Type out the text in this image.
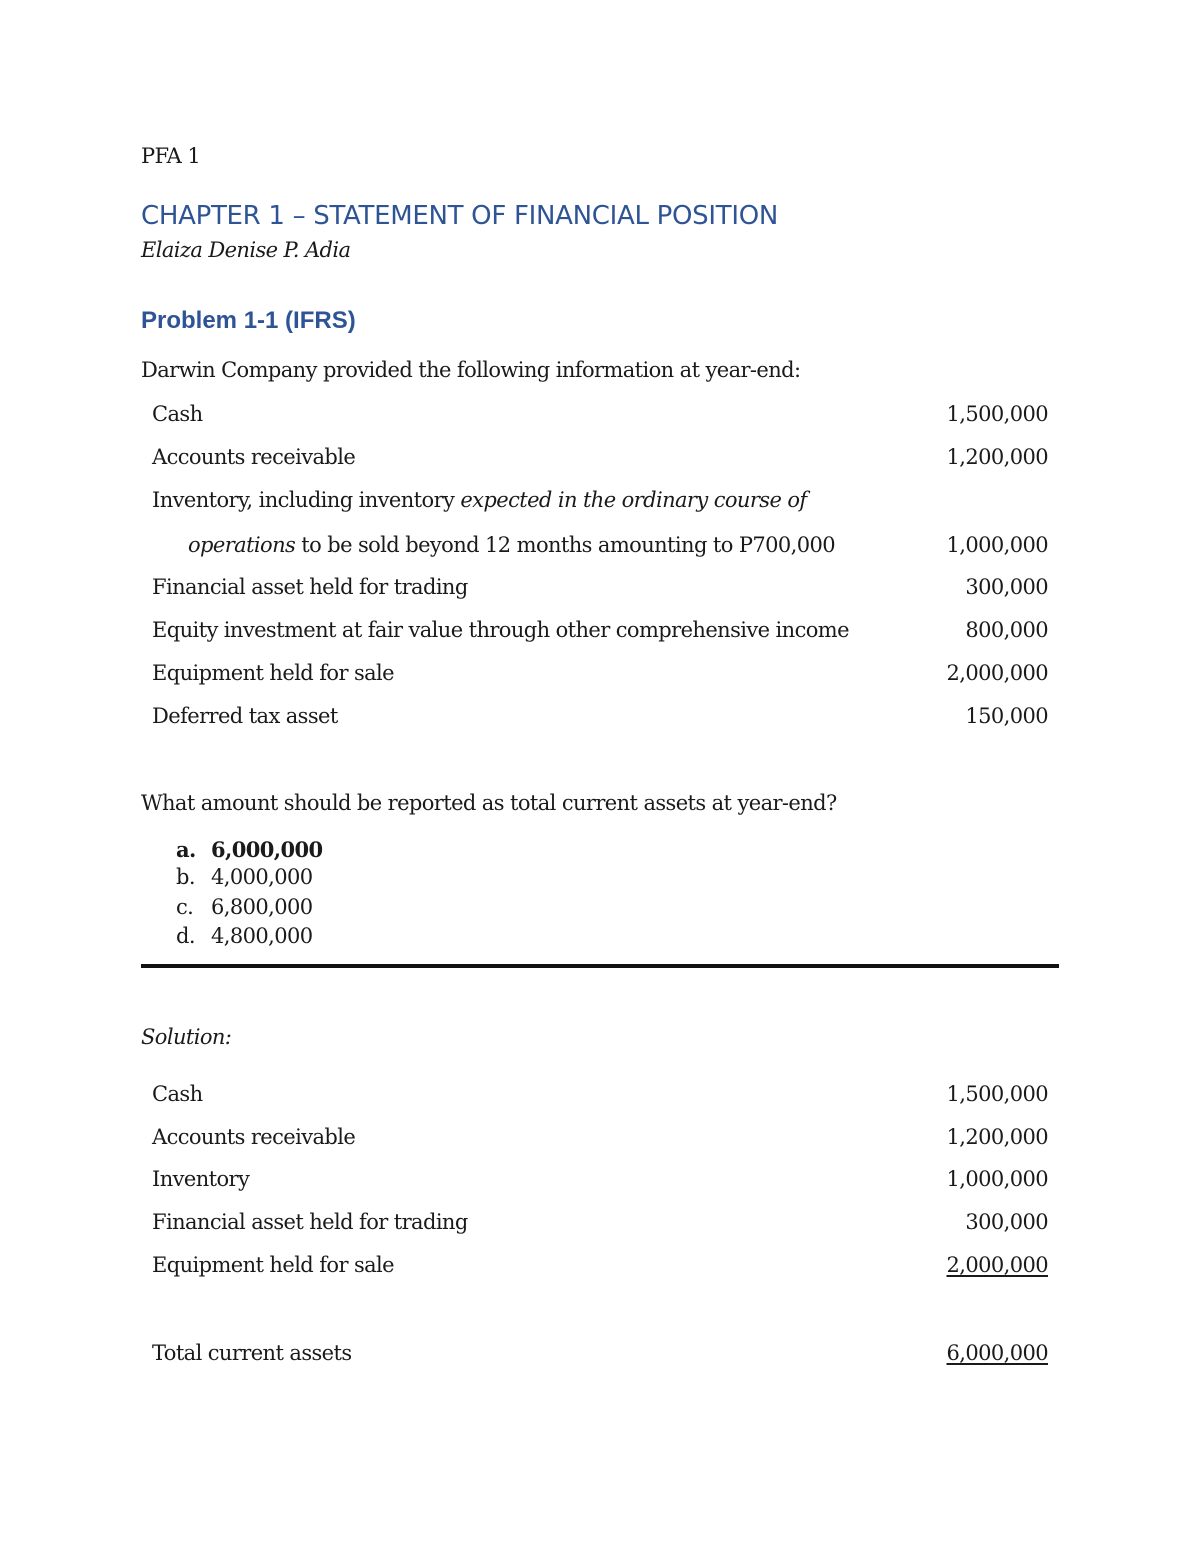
PFA 1
CHAPTER 1 – STATEMENT OF FINANCIAL POSITION
Elaiza Denise P. Adia
Problem 1-1 (IFRS)
Darwin Company provided the following information at year-end:
Cash	1,500,000
Accounts receivable	1,200,000
Inventory, including inventory expected in the ordinary course of
operations to be sold beyond 12 months amounting to P700,000	1,000,000
Financial asset held for trading	300,000
Equity investment at fair value through other comprehensive income	800,000
Equipment held for sale	2,000,000
Deferred tax asset	150,000
What amount should be reported as total current assets at year-end?
a. 6,000,000
b. 4,000,000
c. 6,800,000
d. 4,800,000
Solution:
Cash	1,500,000
Accounts receivable	1,200,000
Inventory	1,000,000
Financial asset held for trading	300,000
Equipment held for sale	2,000,000
Total current assets	6,000,000
